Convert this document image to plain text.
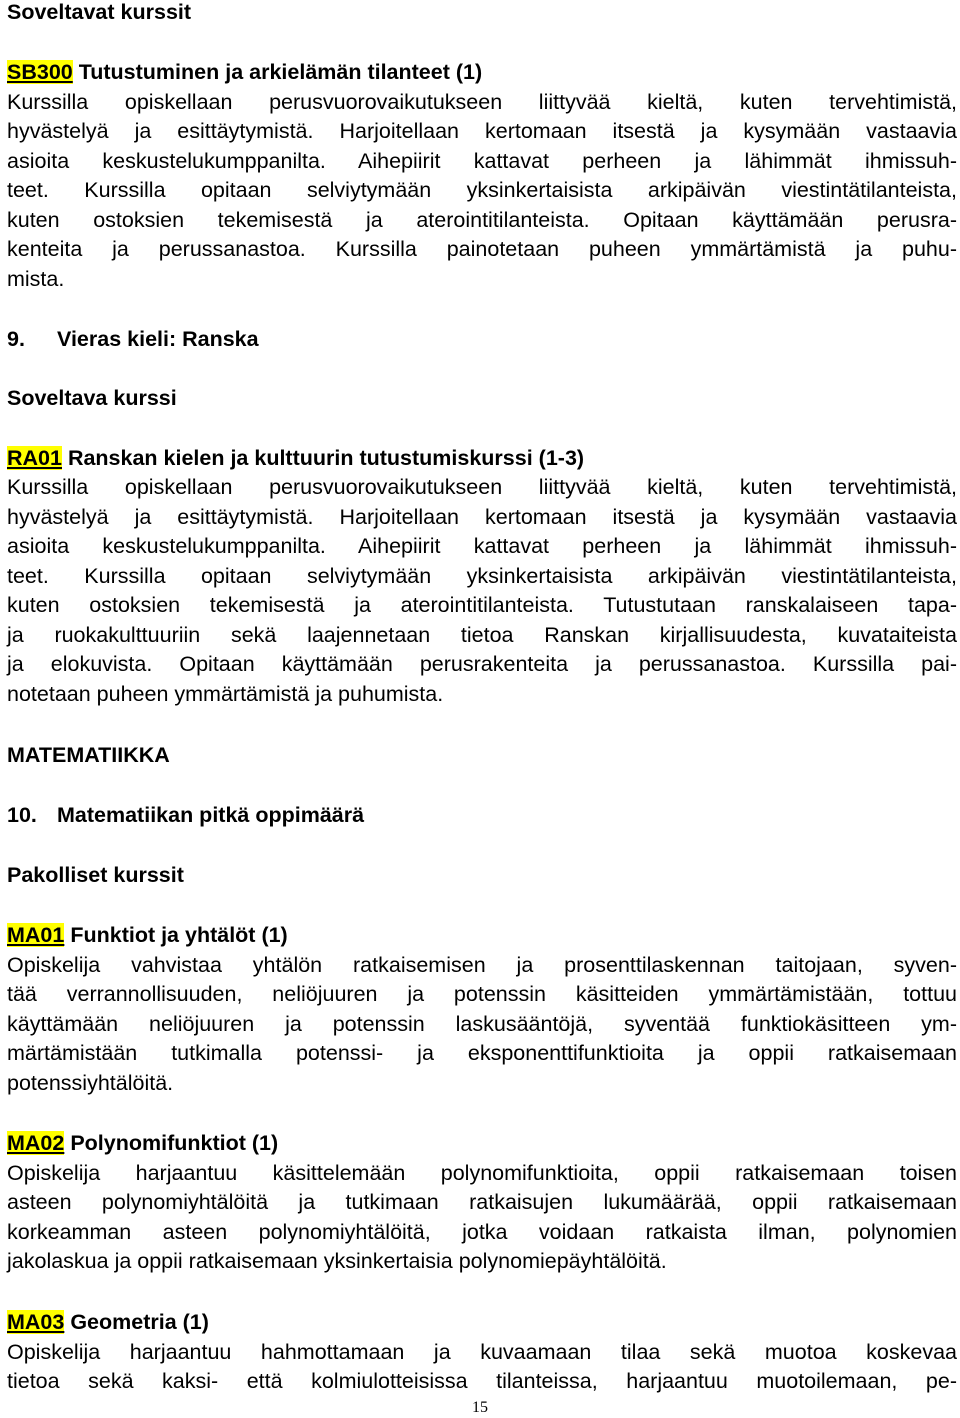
Soveltavat kurssit
SB300 Tutustuminen ja arkielämän tilanteet (1)
Kurssilla opiskellaan perusvuorovaikutukseen liittyvää kieltä, kuten tervehtimistä,
hyvästelyä ja esittäytymistä. Harjoitellaan kertomaan itsestä ja kysymään vastaavia
asioita keskustelukumppanilta. Aihepiirit kattavat perheen ja lähimmät ihmissuh-
teet. Kurssilla opitaan selviytymään yksinkertaisista arkipäivän viestintätilanteista,
kuten ostoksien tekemisestä ja aterointitilanteista. Opitaan käyttämään perusra-
kenteita ja perussanastoa. Kurssilla painotetaan puheen ymmärtämistä ja puhu-
mista.
9. Vieras kieli: Ranska
Soveltava kurssi
RA01 Ranskan kielen ja kulttuurin tutustumiskurssi (1-3)
Kurssilla opiskellaan perusvuorovaikutukseen liittyvää kieltä, kuten tervehtimistä,
hyvästelyä ja esittäytymistä. Harjoitellaan kertomaan itsestä ja kysymään vastaavia
asioita keskustelukumppanilta. Aihepiirit kattavat perheen ja lähimmät ihmissuh-
teet. Kurssilla opitaan selviytymään yksinkertaisista arkipäivän viestintätilanteista,
kuten ostoksien tekemisestä ja aterointitilanteista. Tutustutaan ranskalaiseen tapa-
ja ruokakulttuuriin sekä laajennetaan tietoa Ranskan kirjallisuudesta, kuvataiteista
ja elokuvista. Opitaan käyttämään perusrakenteita ja perussanastoa. Kurssilla pai-
notetaan puheen ymmärtämistä ja puhumista.
MATEMATIIKKA
10. Matematiikan pitkä oppimäärä
Pakolliset kurssit
MA01 Funktiot ja yhtälöt (1)
Opiskelija vahvistaa yhtälön ratkaisemisen ja prosenttilaskennan taitojaan, syven-
tää verrannollisuuden, neliöjuuren ja potenssin käsitteiden ymmärtämistään, tottuu
käyttämään neliöjuuren ja potenssin laskusääntöjä, syventää funktiokäsitteen ym-
märtämistään tutkimalla potenssi- ja eksponenttifunktioita ja oppii ratkaisemaan
potenssiyhtälöitä.
MA02 Polynomifunktiot (1)
Opiskelija harjaantuu käsittelemään polynomifunktioita, oppii ratkaisemaan toisen
asteen polynomiyhtälöitä ja tutkimaan ratkaisujen lukumäärää, oppii ratkaisemaan
korkeamman asteen polynomiyhtälöitä, jotka voidaan ratkaista ilman, polynomien
jakolaskua ja oppii ratkaisemaan yksinkertaisia polynomiepäyhtälöitä.
MA03 Geometria (1)
Opiskelija harjaantuu hahmottamaan ja kuvaamaan tilaa sekä muotoa koskevaa
tietoa sekä kaksi- että kolmiulotteisissa tilanteissa, harjaantuu muotoilemaan, pe-
15
